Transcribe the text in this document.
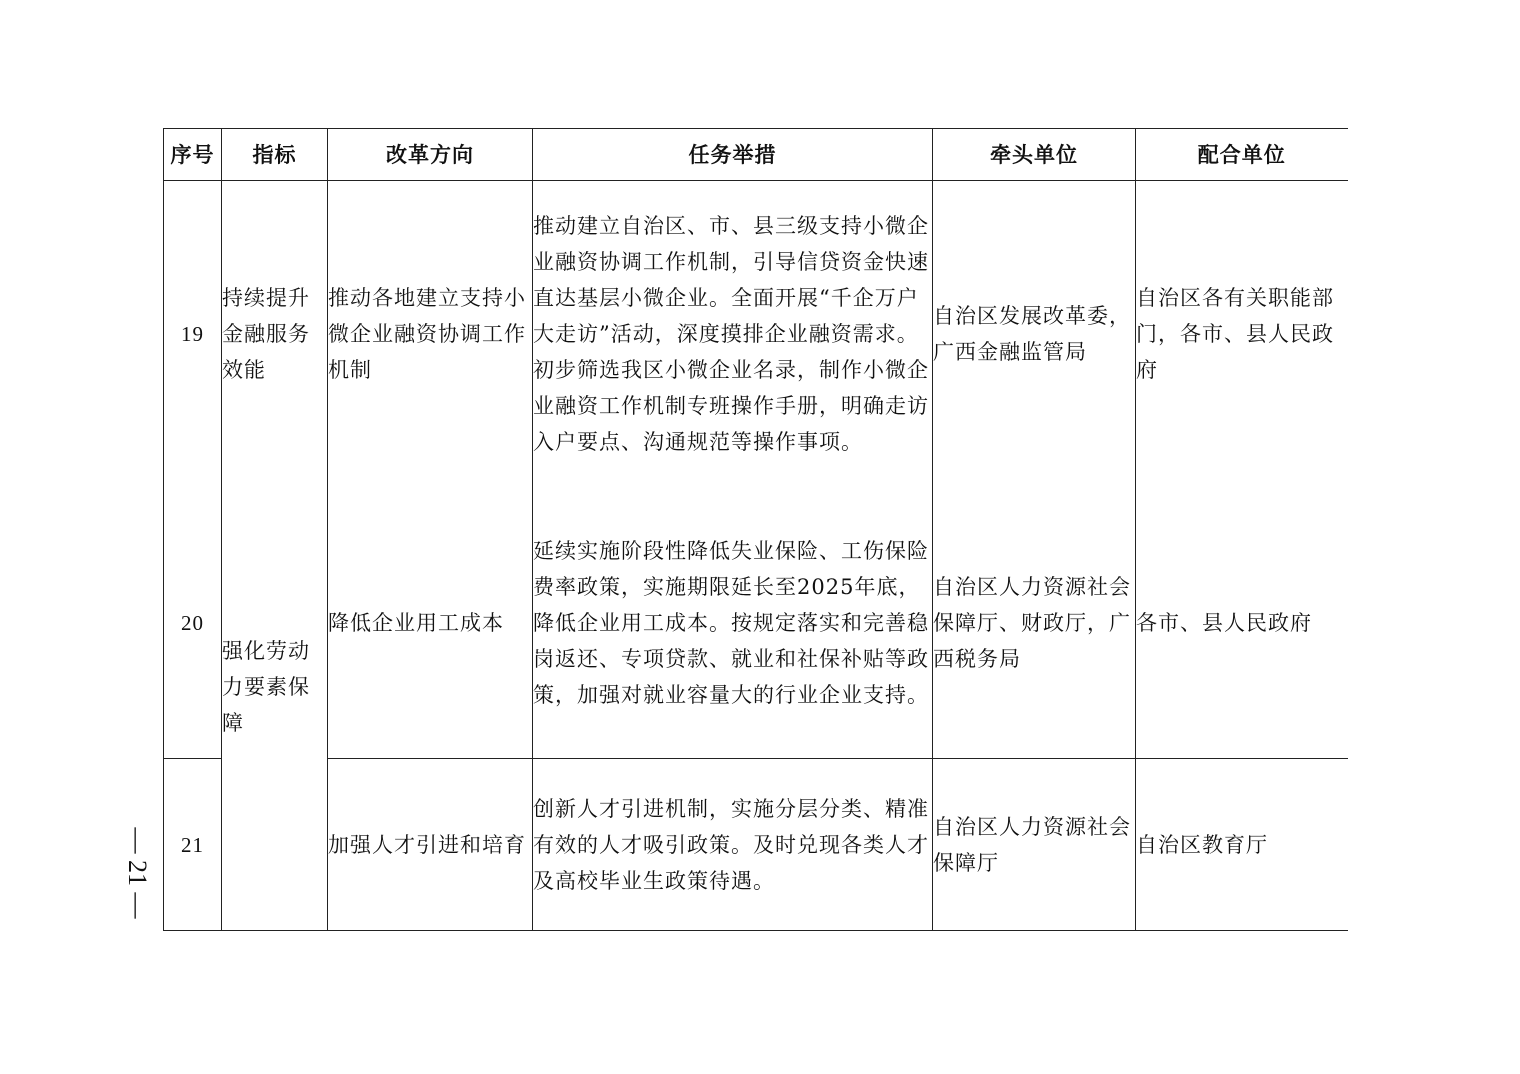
序号	指标	改革方向	任务举措	牵头单位	配合单位
19	持续提升金融服务效能	推动各地建立支持小微企业融资协调工作机制	推动建立自治区、市、县三级支持小微企业融资协调工作机制，引导信贷资金快速直达基层小微企业。全面开展“千企万户大走访”活动，深度摸排企业融资需求。初步筛选我区小微企业名录，制作小微企业融资工作机制专班操作手册，明确走访入户要点、沟通规范等操作事项。	自治区发展改革委，广西金融监管局	自治区各有关职能部门，各市、县人民政府
20	强化劳动力要素保障	降低企业用工成本	延续实施阶段性降低失业保险、工伤保险费率政策，实施期限延长至2025年底，降低企业用工成本。按规定落实和完善稳岗返还、专项贷款、就业和社保补贴等政策，加强对就业容量大的行业企业支持。	自治区人力资源社会保障厅、财政厅，广西税务局	各市、县人民政府
21		加强人才引进和培育	创新人才引进机制，实施分层分类、精准有效的人才吸引政策。及时兑现各类人才及高校毕业生政策待遇。	自治区人力资源社会保障厅	自治区教育厅
— 21 —
